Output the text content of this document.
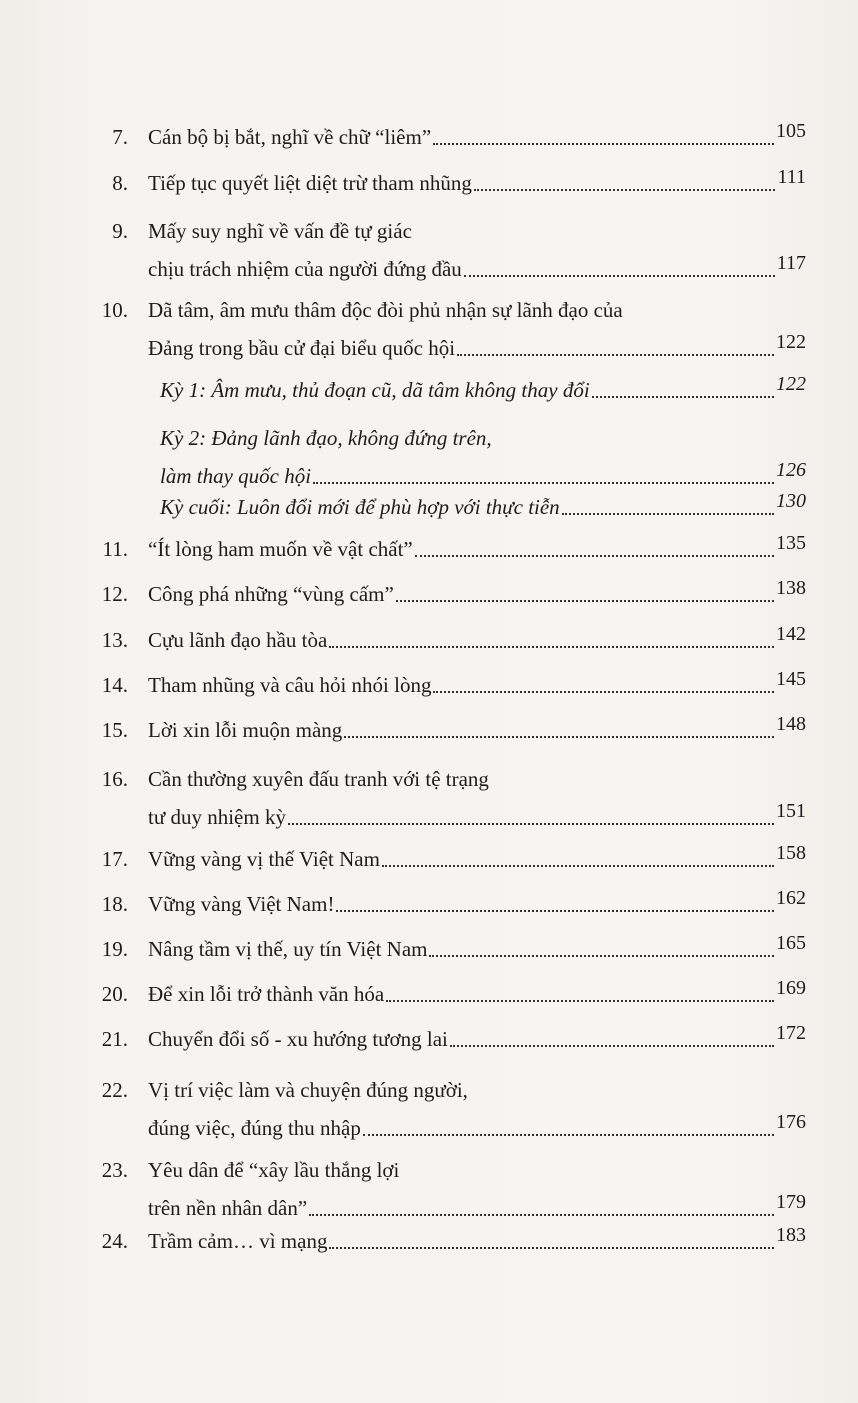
7. Cán bộ bị bắt, nghĩ về chữ “liêm”	105
8. Tiếp tục quyết liệt diệt trừ tham nhũng	111
9. Mấy suy nghĩ về vấn đề tự giác
chịu trách nhiệm của người đứng đầu	117
10. Dã tâm, âm mưu thâm độc đòi phủ nhận sự lãnh đạo của
Đảng trong bầu cử đại biểu quốc hội	122
Kỳ 1: Âm mưu, thủ đoạn cũ, dã tâm không thay đổi	122
Kỳ 2: Đảng lãnh đạo, không đứng trên,
làm thay quốc hội	126
Kỳ cuối: Luôn đổi mới để phù hợp với thực tiễn	130
11. “Ít lòng ham muốn về vật chất”	135
12. Công phá những “vùng cấm”	138
13. Cựu lãnh đạo hầu tòa	142
14. Tham nhũng và câu hỏi nhói lòng	145
15. Lời xin lỗi muộn màng	148
16. Cần thường xuyên đấu tranh với tệ trạng
tư duy nhiệm kỳ	151
17. Vững vàng vị thế Việt Nam	158
18. Vững vàng Việt Nam!	162
19. Nâng tầm vị thế, uy tín Việt Nam	165
20. Để xin lỗi trở thành văn hóa	169
21. Chuyển đổi số - xu hướng tương lai	172
22. Vị trí việc làm và chuyện đúng người,
đúng việc, đúng thu nhập	176
23. Yêu dân để “xây lầu thắng lợi
trên nền nhân dân”	179
24. Trầm cảm… vì mạng	183
